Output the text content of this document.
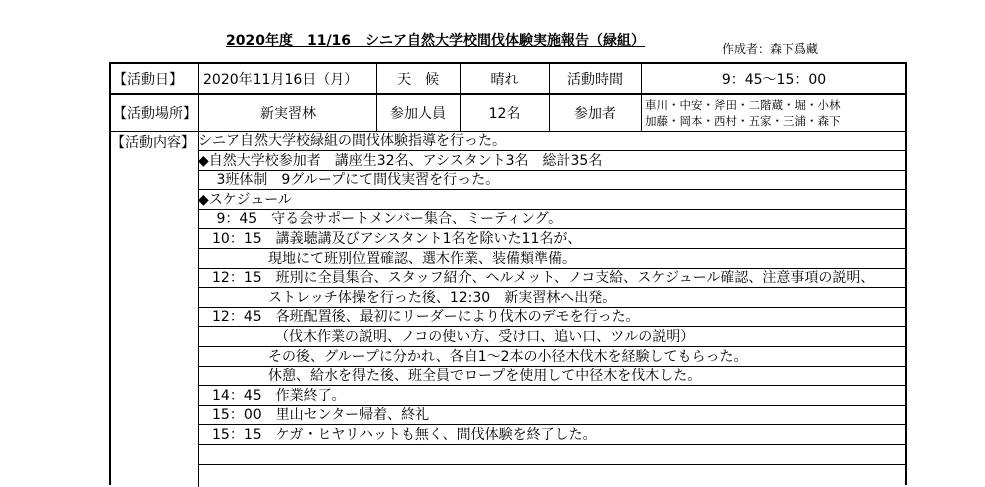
2020年度　11/16　シニア自然大学校間伐体験実施報告（緑組）	作成者：森下爲藏
【活動日】	2020年11月16日（月）	天　候	晴れ	活動時間	9：45〜15：00
【活動場所】	新実習林	参加人員	12名	参加者
車川・中安・斧田・二階蔵・堀・小林
加藤・岡本・西村・五家・三浦・森下
【活動内容】 シニア自然大学校緑組の間伐体験指導を行った。
◆自然大学校参加者　講座生32名、アシスタント3名　総計35名
　 3班体制　9グループにて間伐実習を行った。
◆スケジュール
　 9：45　守る会サポートメンバー集合、ミーティング。
　10：15　講義聴講及びアシスタント1名を除いた11名が、
　　　　　現地にて班別位置確認、選木作業、装備類準備。
　12：15　班別に全員集合、スタッフ紹介、ヘルメット、ノコ支給、スケジュール確認、注意事項の説明、
　　　　　ストレッチ体操を行った後、12:30　新実習林へ出発。
　12：45　各班配置後、最初にリーダーにより伐木のデモを行った。
　　　　　　（伐木作業の説明、ノコの使い方、受け口、追い口、ツルの説明）
　　　　　その後、グループに分かれ、各自1〜2本の小径木伐木を経験してもらった。
　　　　　休憩、給水を得た後、班全員でロープを使用して中径木を伐木した。
　14：45　作業終了。
　15：00　里山センター帰着、終礼
　15：15　ケガ・ヒヤリハットも無く、間伐体験を終了した。
